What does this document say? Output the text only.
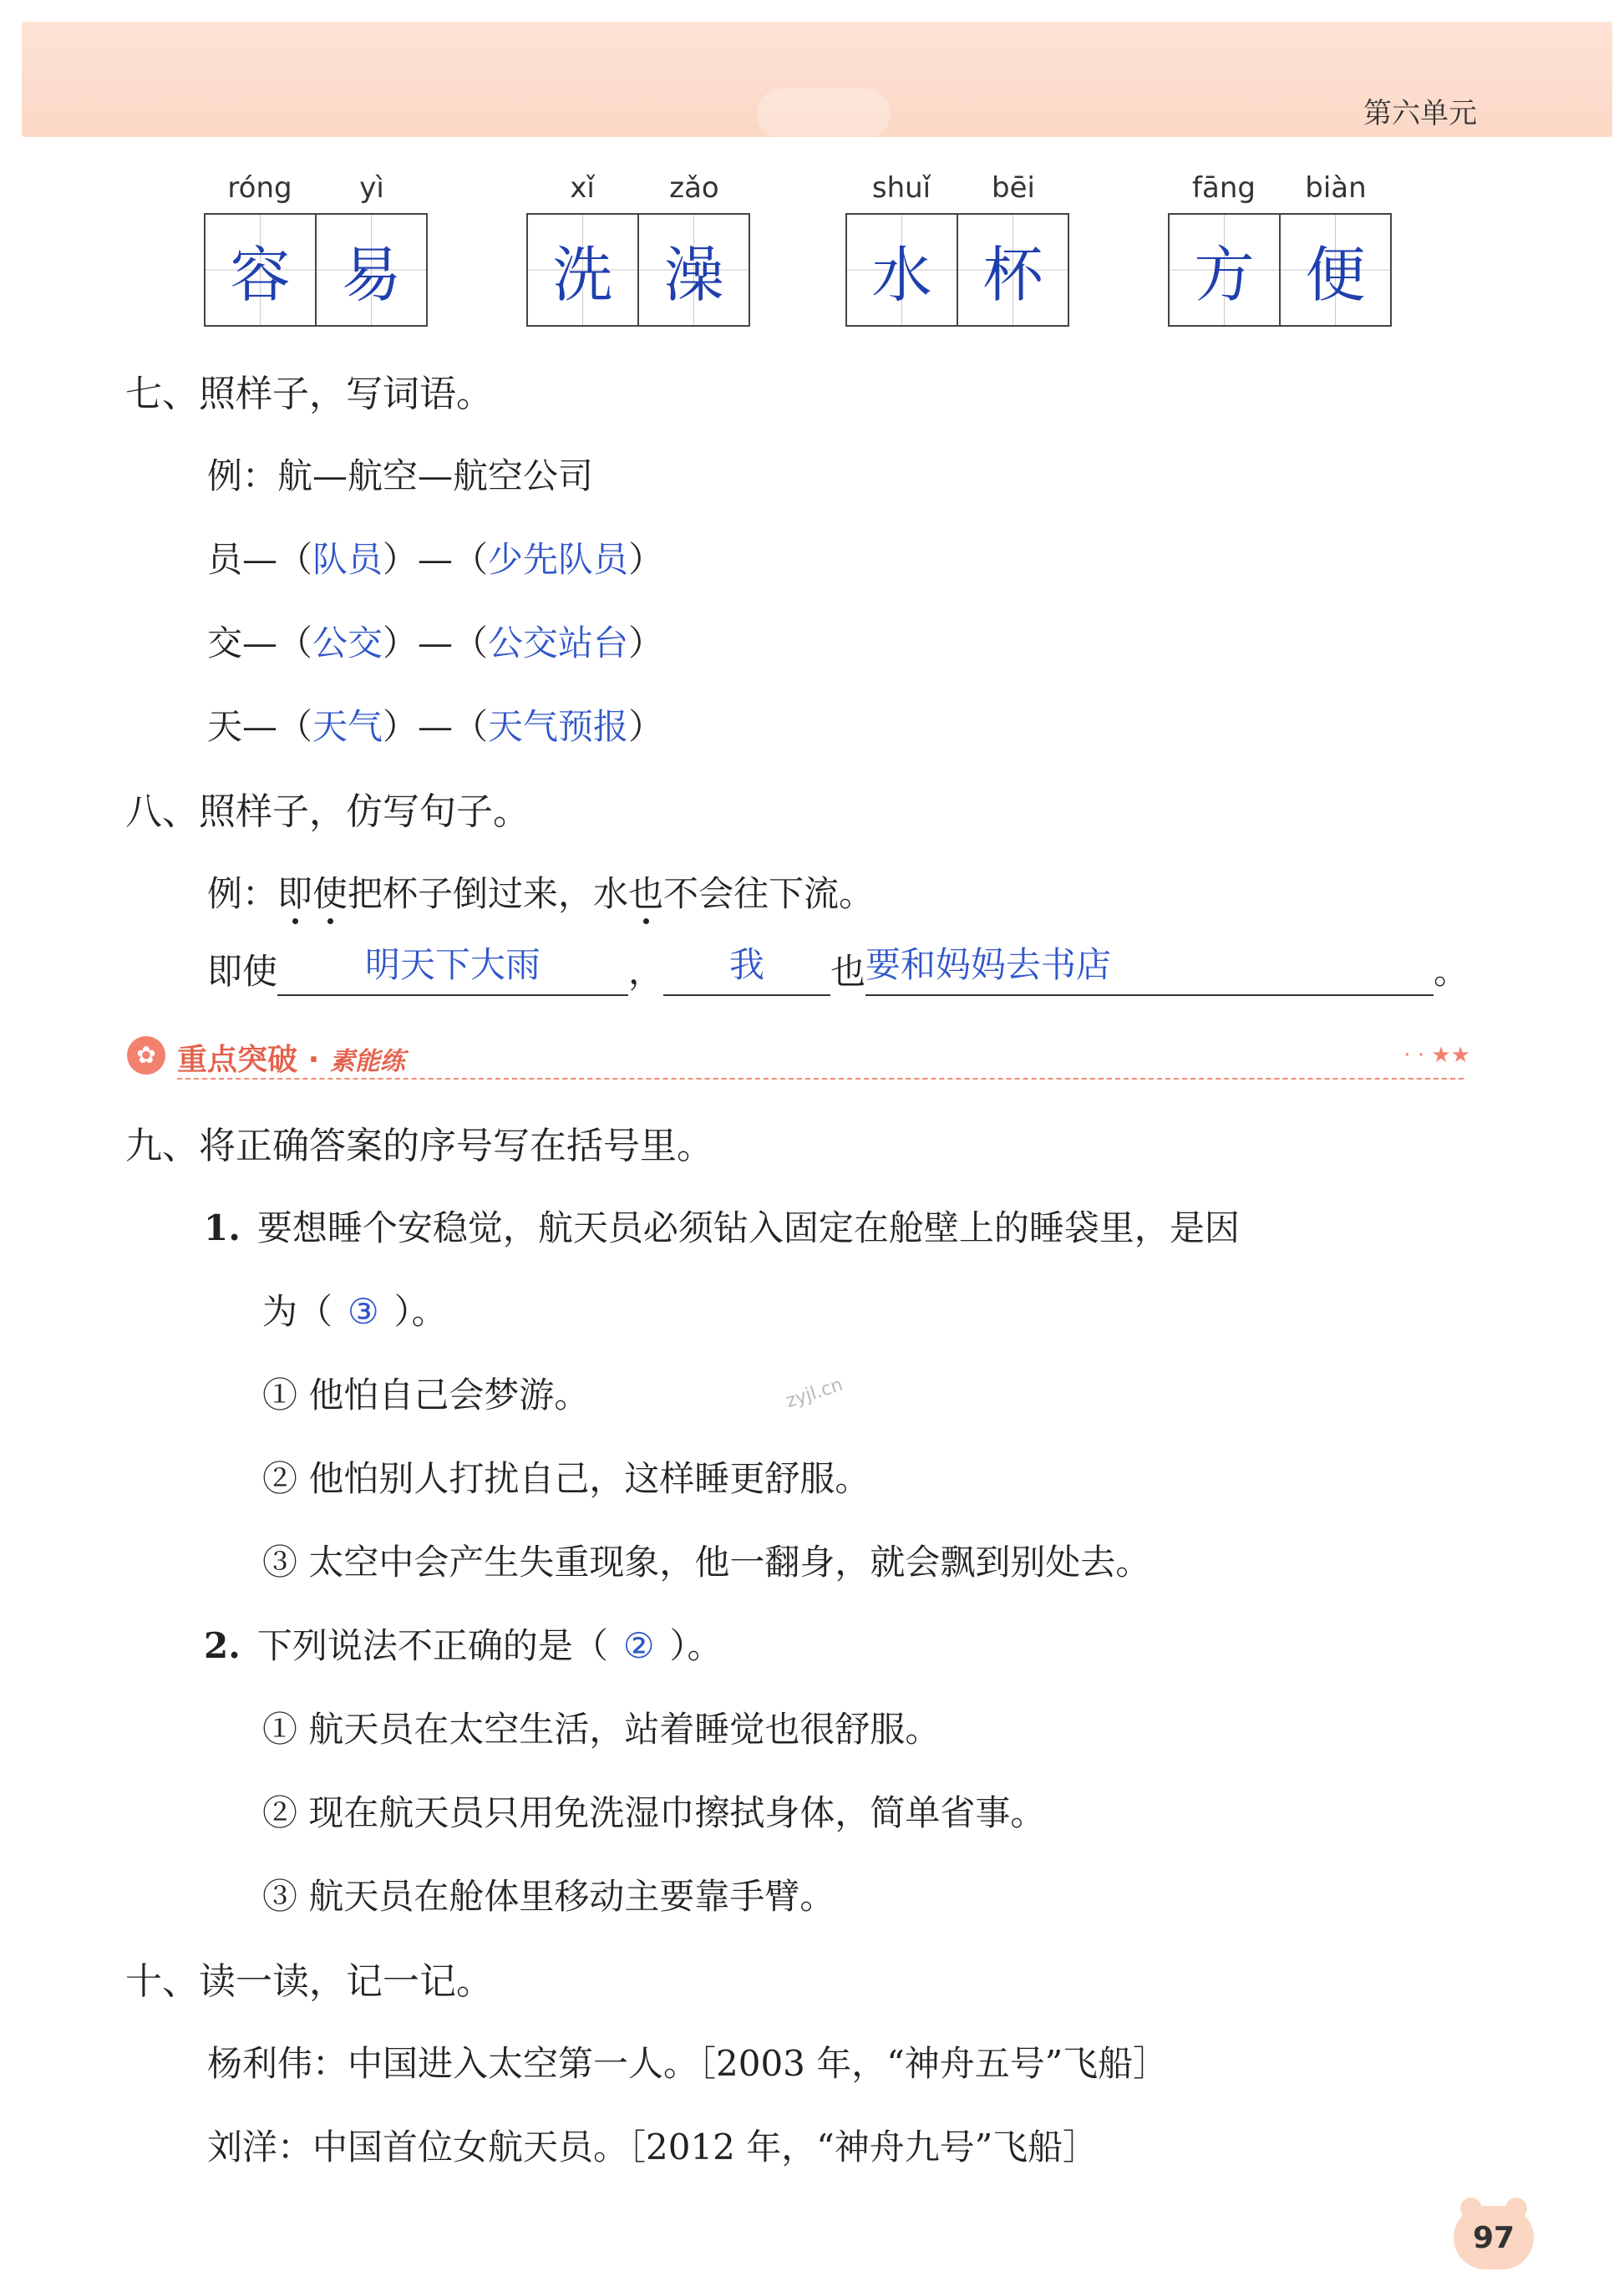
第六单元
róng	yì
容 易
xǐ	zǎo
洗 澡
shuǐ	bēi
水 杯
fāng	biàn
方 便
七、照样子，写词语。
例：航—航空—航空公司
员—（队员）—（少先队员）
交—（公交）—（公交站台）
天—（天气）—（天气预报）
八、照样子，仿写句子。
例：即使把杯子倒过来，水也不会往下流。
即使 明天下大雨	， 我 也要和妈妈去书店	。
✿ 重点突破 · 素能练	· · ★★
九、将正确答案的序号写在括号里。
1. 要想睡个安稳觉，航天员必须钻入固定在舱壁上的睡袋里，是因
为（ ③ ）。
① 他怕自己会梦游。
② 他怕别人打扰自己，这样睡更舒服。
③ 太空中会产生失重现象，他一翻身，就会飘到别处去。
2. 下列说法不正确的是（ ② ）。
① 航天员在太空生活，站着睡觉也很舒服。
② 现在航天员只用免洗湿巾擦拭身体，简单省事。
③ 航天员在舱体里移动主要靠手臂。
十、读一读，记一记。
杨利伟：中国进入太空第一人。［2003 年，“神舟五号”飞船］
刘洋：中国首位女航天员。［2012 年，“神舟九号”飞船］
zyjl.cn
97
